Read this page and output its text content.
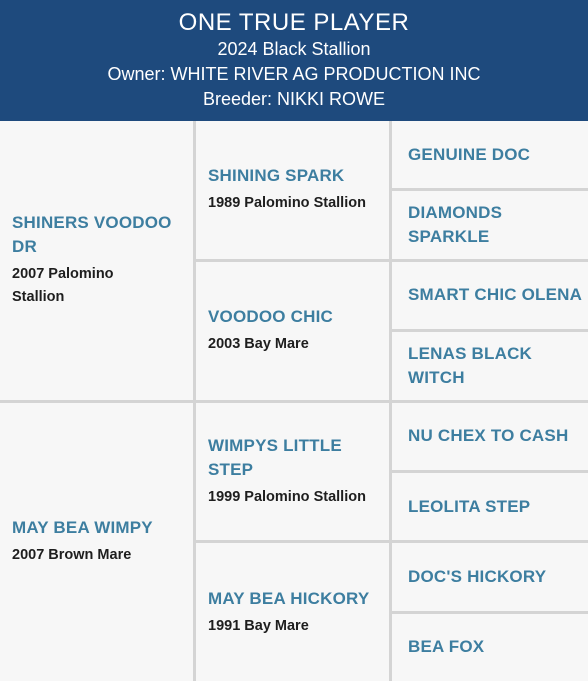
ONE TRUE PLAYER
2024 Black Stallion
Owner: WHITE RIVER AG PRODUCTION INC
Breeder: NIKKI ROWE
SHINERS VOODOO DR
2007 Palomino Stallion
MAY BEA WIMPY
2007 Brown Mare
SHINING SPARK
1989 Palomino Stallion
VOODOO CHIC
2003 Bay Mare
WIMPYS LITTLE STEP
1999 Palomino Stallion
MAY BEA HICKORY
1991 Bay Mare
GENUINE DOC
DIAMONDS SPARKLE
SMART CHIC OLENA
LENAS BLACK WITCH
NU CHEX TO CASH
LEOLITA STEP
DOC'S HICKORY
BEA FOX
